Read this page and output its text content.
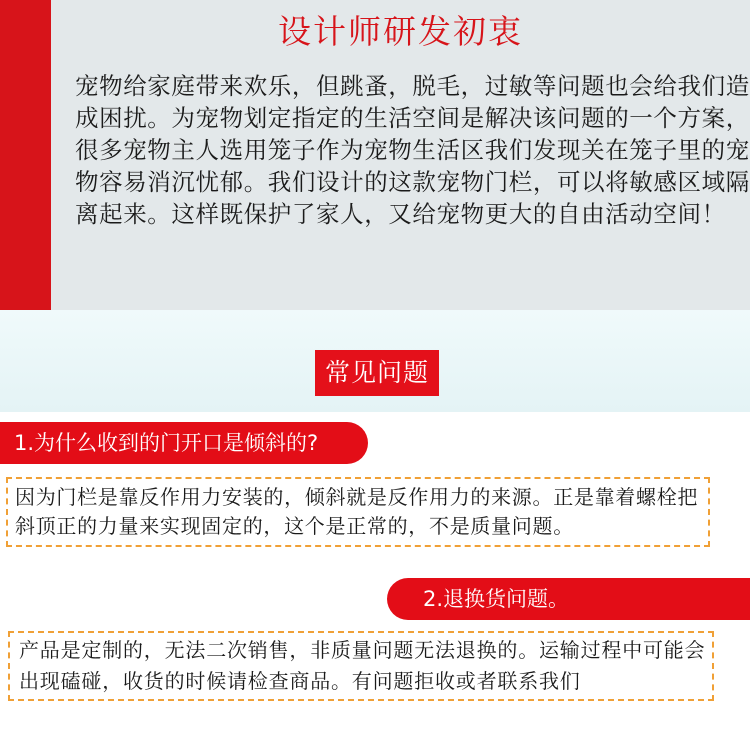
设计师研发初衷

宠物给家庭带来欢乐，但跳蚤，脱毛，过敏等问题也会给我们造成困扰。为宠物划定指定的生活空间是解决该问题的一个方案，很多宠物主人选用笼子作为宠物生活区我们发现关在笼子里的宠物容易消沉忧郁。我们设计的这款宠物门栏，可以将敏感区域隔离起来。这样既保护了家人，又给宠物更大的自由活动空间！

常见问题
1.为什么收到的门开口是倾斜的?

因为门栏是靠反作用力安装的，倾斜就是反作用力的来源。正是靠着螺栓把斜顶正的力量来实现固定的，这个是正常的，不是质量问题。

2.退换货问题。

产品是定制的，无法二次销售，非质量问题无法退换的。运输过程中可能会出现磕碰，收货的时候请检查商品。有问题拒收或者联系我们
